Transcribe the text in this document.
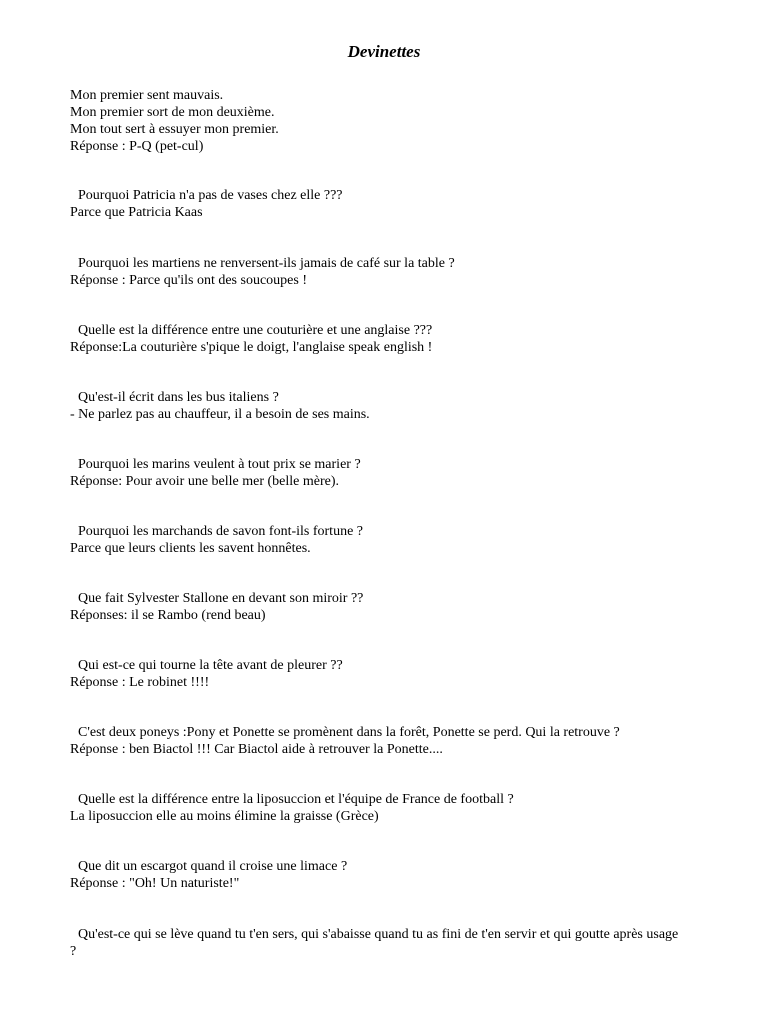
Devinettes
Mon premier sent mauvais.
Mon premier sort de mon deuxième.
Mon tout sert à essuyer mon premier.
Réponse : P-Q (pet-cul)
Pourquoi Patricia n'a pas de vases chez elle ???
Parce que Patricia Kaas
Pourquoi les martiens ne renversent-ils jamais de café sur la table ?
Réponse : Parce qu'ils ont des soucoupes !
Quelle est la différence entre une couturière et une anglaise ???
Réponse:La couturière s'pique le doigt, l'anglaise speak english !
Qu'est-il écrit dans les bus italiens ?
- Ne parlez pas au chauffeur, il a besoin de ses mains.
Pourquoi les marins veulent à tout prix se marier ?
Réponse: Pour avoir une belle mer (belle mère).
Pourquoi les marchands de savon font-ils fortune ?
Parce que leurs clients les savent honnêtes.
Que fait Sylvester Stallone en devant son miroir ??
Réponses: il se Rambo (rend beau)
Qui est-ce qui tourne la tête avant de pleurer ??
Réponse : Le robinet !!!!
C'est deux poneys :Pony et Ponette se promènent dans la forêt, Ponette se perd. Qui la retrouve ?
Réponse : ben Biactol !!! Car Biactol aide à retrouver la Ponette....
Quelle est la différence entre la liposuccion et l'équipe de France de football ?
La liposuccion elle au moins élimine la graisse (Grèce)
Que dit un escargot quand il croise une limace ?
Réponse : "Oh! Un naturiste!"
Qu'est-ce qui se lève quand tu t'en sers, qui s'abaisse quand tu as fini de t'en servir et qui goutte après usage ?
